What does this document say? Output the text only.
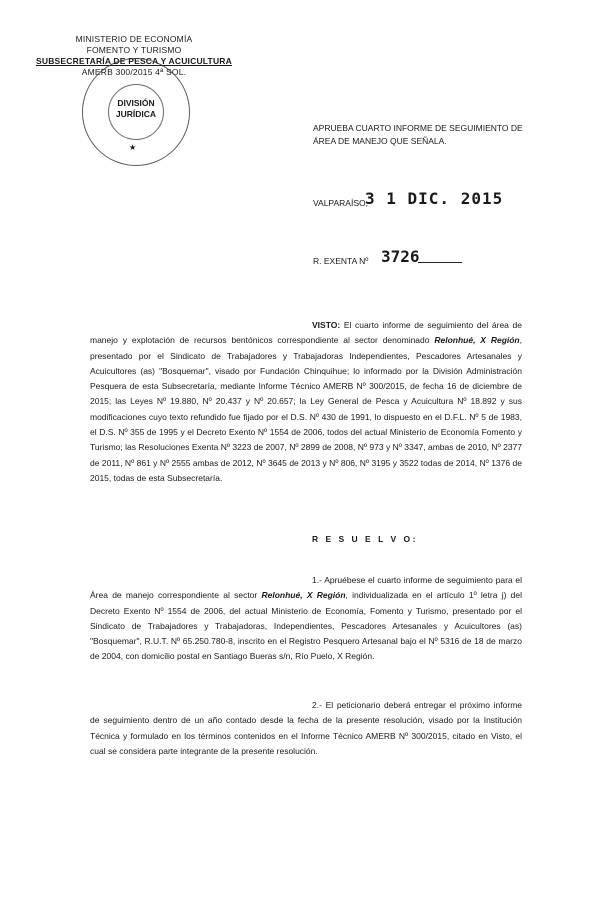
MINISTERIO DE ECONOMÍA
FOMENTO Y TURISMO
SUBSECRETARÍA DE PESCA Y ACUICULTURA
AMERB 300/2015 4ª SOL.
DIVISIÓN
JURÍDICA
★
APRUEBA CUARTO INFORME DE SEGUIMIENTO DE
ÁREA DE MANEJO QUE SEÑALA.
VALPARAÍSO,
3 1 DIC. 2015
R. EXENTA Nº 3726
VISTO: El cuarto informe de seguimiento del área de manejo y explotación de recursos bentónicos correspondiente al sector denominado Relonhué, X Región, presentado por el Sindicato de Trabajadores y Trabajadoras Independientes, Pescadores Artesanales y Acuicultores (as) "Bosquemar", visado por Fundación Chinquihue; lo informado por la División Administración Pesquera de esta Subsecretaría, mediante Informe Técnico AMERB Nº 300/2015, de fecha 16 de diciembre de 2015; las Leyes Nº 19.880, Nº 20.437 y Nº 20.657; la Ley General de Pesca y Acuicultura Nº 18.892 y sus modificaciones cuyo texto refundido fue fijado por el D.S. Nº 430 de 1991, lo dispuesto en el D.F.L. Nº 5 de 1983, el D.S. Nº 355 de 1995 y el Decreto Exento Nº 1554 de 2006, todos del actual Ministerio de Economía Fomento y Turismo; las Resoluciones Exenta Nº 3223 de 2007, Nº 2899 de 2008, Nº 973 y Nº 3347, ambas de 2010, Nº 2377 de 2011, Nº 861 y Nº 2555 ambas de 2012, Nº 3645 de 2013 y Nº 806, Nº 3195 y 3522 todas de 2014, Nº 1376 de 2015, todas de esta Subsecretaría.
R E S U E L V O:
1.- Apruébese el cuarto informe de seguimiento para el Área de manejo correspondiente al sector Relonhué, X Región, individualizada en el artículo 1º letra j) del Decreto Exento Nº 1554 de 2006, del actual Ministerio de Economía, Fomento y Turismo, presentado por el Sindicato de Trabajadores y Trabajadoras, Independientes, Pescadores Artesanales y Acuicultores (as) "Bosquemar", R.U.T. Nº 65.250.780-8, inscrito en el Registro Pesquero Artesanal bajo el Nº 5316 de 18 de marzo de 2004, con domicilio postal en Santiago Bueras s/n, Río Puelo, X Región.
2.- El peticionario deberá entregar el próximo informe de seguimiento dentro de un año contado desde la fecha de la presente resolución, visado por la Institución Técnica y formulado en los términos contenidos en el Informe Técnico AMERB Nº 300/2015, citado en Visto, el cual se considera parte integrante de la presente resolución.
